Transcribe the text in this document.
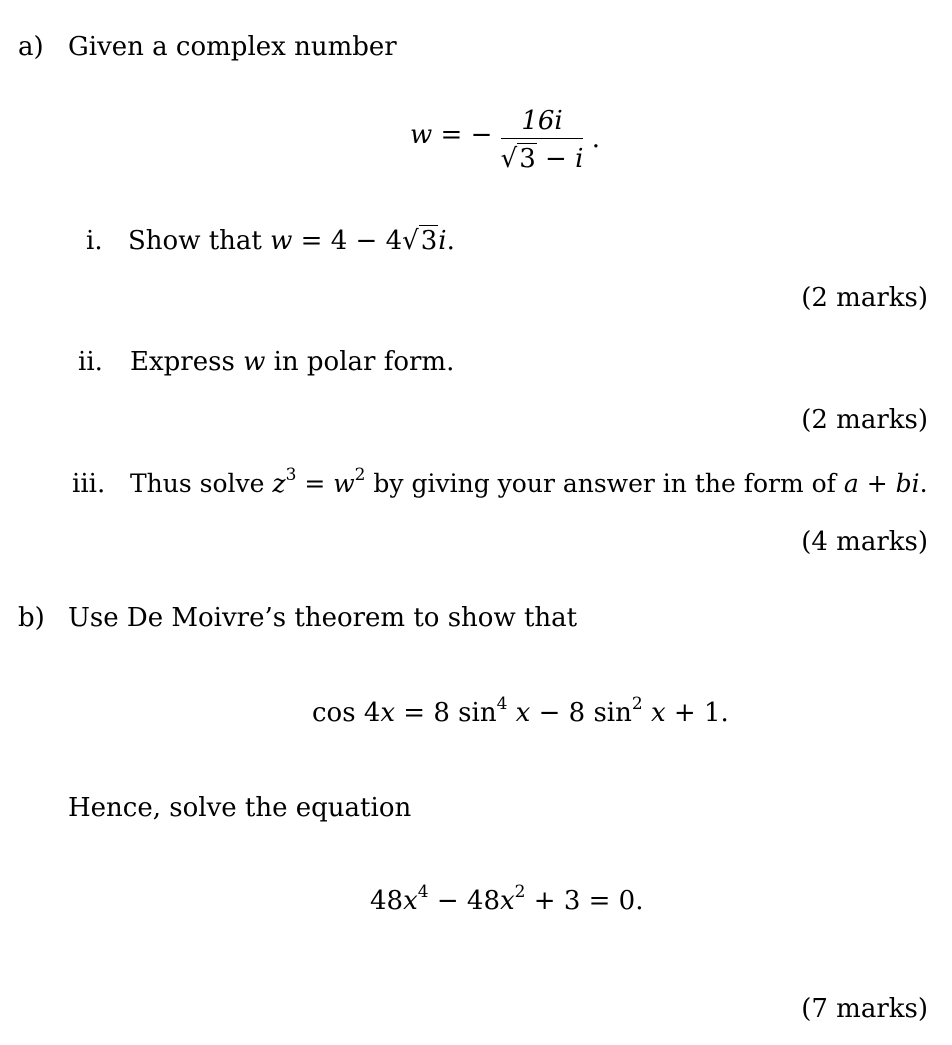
a) Given a complex number
w = − $\frac{16i}{√3 - i}$ .
i. Show that w = 4 − 4√3i.
(2 marks)
ii. Express w in polar form.
(2 marks)
iii. Thus solve $z^3 = w^2$ by giving your answer in the form of a + bi.
(4 marks)
b) Use De Moivre’s theorem to show that
cos 4x = 8 $\sin^4 x - 8$ $\sin^2 x + 1$.
Hence, solve the equation
$48x^4 - 48x^2 + 3 = 0$.
(7 marks)
